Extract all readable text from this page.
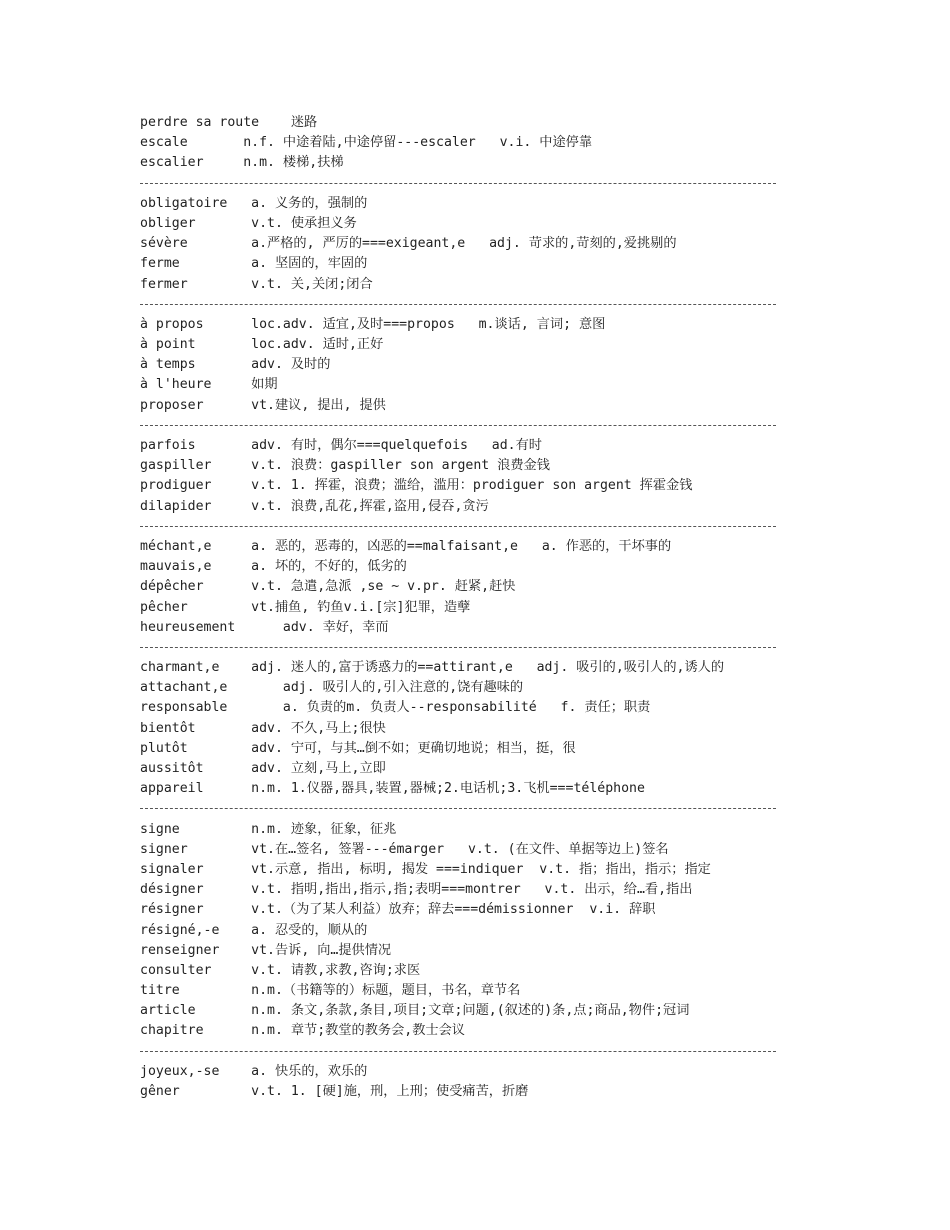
perdre sa route    迷路
escale       n.f. 中途着陆,中途停留---escaler   v.i. 中途停靠
escalier     n.m. 楼梯,扶梯
obligatoire   a. 义务的，强制的
obliger       v.t. 使承担义务
sévère        a.严格的, 严厉的===exigeant,e   adj. 苛求的,苛刻的,爱挑剔的
ferme         a. 坚固的，牢固的
fermer        v.t. 关,关闭;闭合
à propos      loc.adv. 适宜,及时===propos   m.谈话, 言词; 意图
à point       loc.adv. 适时,正好
à temps       adv. 及时的
à l'heure     如期
proposer      vt.建议, 提出, 提供
parfois       adv. 有时，偶尔===quelquefois   ad.有时
gaspiller     v.t. 浪费：gaspiller son argent 浪费金钱
prodiguer     v.t. 1. 挥霍，浪费；滥给，滥用：prodiguer son argent 挥霍金钱
dilapider     v.t. 浪费,乱花,挥霍,盗用,侵吞,贪污
méchant,e     a. 恶的，恶毒的，凶恶的==malfaisant,e   a. 作恶的，干坏事的
mauvais,e     a. 坏的，不好的，低劣的
dépêcher      v.t. 急遣,急派 ,se ~ v.pr. 赶紧,赶快
pêcher        vt.捕鱼, 钓鱼v.i.[宗]犯罪，造孽
heureusement      adv. 幸好，幸而
charmant,e    adj. 迷人的,富于诱惑力的==attirant,e   adj. 吸引的,吸引人的,诱人的
attachant,e       adj. 吸引人的,引入注意的,饶有趣味的
responsable       a. 负责的m. 负责人--responsabilité   f. 责任；职责
bientôt       adv. 不久,马上;很快
plutôt        adv. 宁可，与其…倒不如；更确切地说；相当，挺，很
aussitôt      adv. 立刻,马上,立即
appareil      n.m. 1.仪器,器具,装置,器械;2.电话机;3.飞机===téléphone
signe         n.m. 迹象，征象，征兆
signer        vt.在…签名, 签署---émarger   v.t. (在文件、单据等边上)签名
signaler      vt.示意, 指出, 标明, 揭发 ===indiquer  v.t. 指；指出，指示；指定
désigner      v.t. 指明,指出,指示,指;表明===montrer   v.t. 出示，给…看,指出
résigner      v.t.（为了某人利益）放弃；辞去===démissionner  v.i. 辞职
résigné,-e    a. 忍受的，顺从的
renseigner    vt.告诉, 向…提供情况
consulter     v.t. 请教,求教,咨询;求医
titre         n.m.（书籍等的）标题，题目，书名，章节名
article       n.m. 条文,条款,条目,项目;文章;问题,(叙述的)条,点;商品,物件;冠词
chapitre      n.m. 章节;教堂的教务会,教士会议
joyeux,-se    a. 快乐的，欢乐的
gêner         v.t. 1. [硬]施，刑，上刑；使受痛苦，折磨
